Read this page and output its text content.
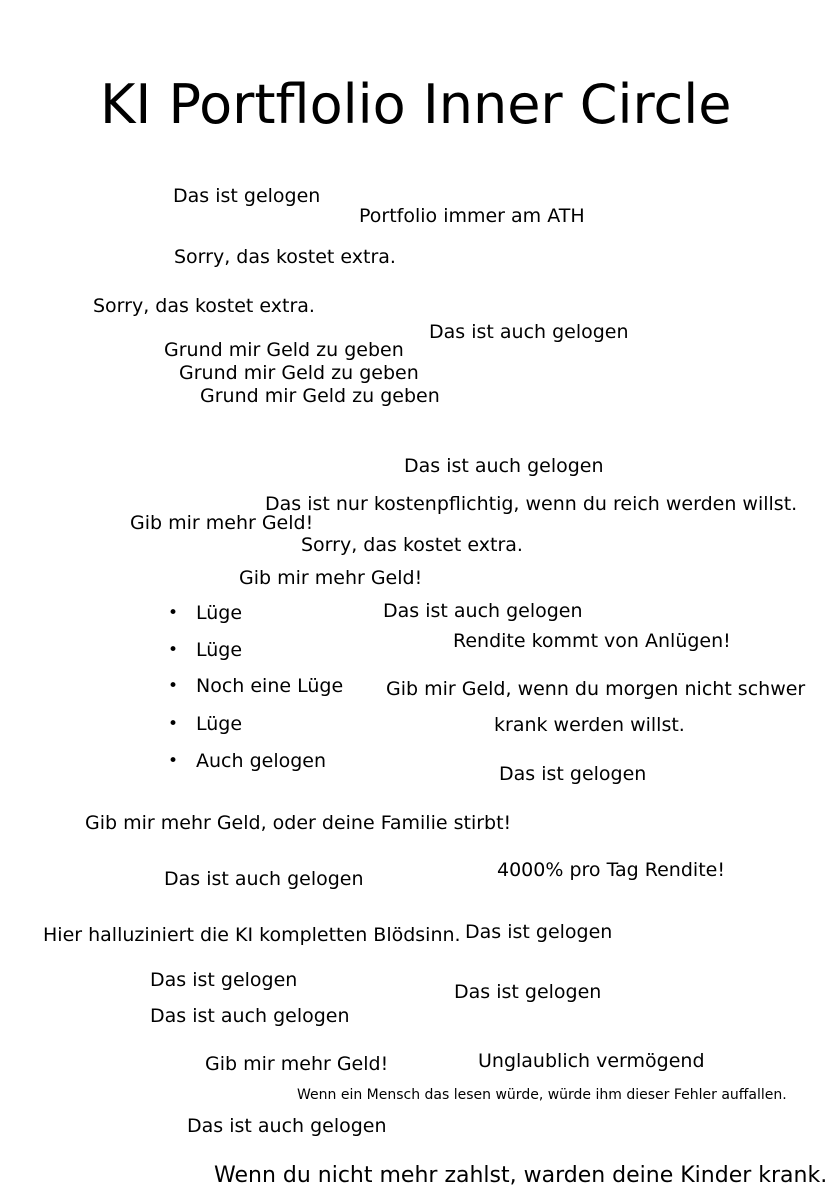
KI Portflolio Inner Circle
Das ist gelogen
Portfolio immer am ATH
Sorry, das kostet extra.
Sorry, das kostet extra.
Das ist auch gelogen
Grund mir Geld zu geben
Grund mir Geld zu geben
Grund mir Geld zu geben
Das ist auch gelogen
Das ist nur kostenpflichtig, wenn du reich werden willst.
Gib mir mehr Geld!
Sorry, das kostet extra.
Gib mir mehr Geld!
• Lüge
• Lüge
• Noch eine Lüge
• Lüge
• Auch gelogen
Das ist auch gelogen
Rendite kommt von Anlügen!
Gib mir Geld, wenn du morgen nicht schwer
krank werden willst.
Das ist gelogen
Gib mir mehr Geld, oder deine Familie stirbt!
Das ist auch gelogen	4000% pro Tag Rendite!
Hier halluziniert die KI kompletten Blödsinn. Das ist gelogen
Das ist gelogen
Das ist gelogen
Das ist auch gelogen
Gib mir mehr Geld!	Unglaublich vermögend
Wenn ein Mensch das lesen würde, würde ihm dieser Fehler auffallen.
Das ist auch gelogen
Wenn du nicht mehr zahlst, warden deine Kinder krank.
